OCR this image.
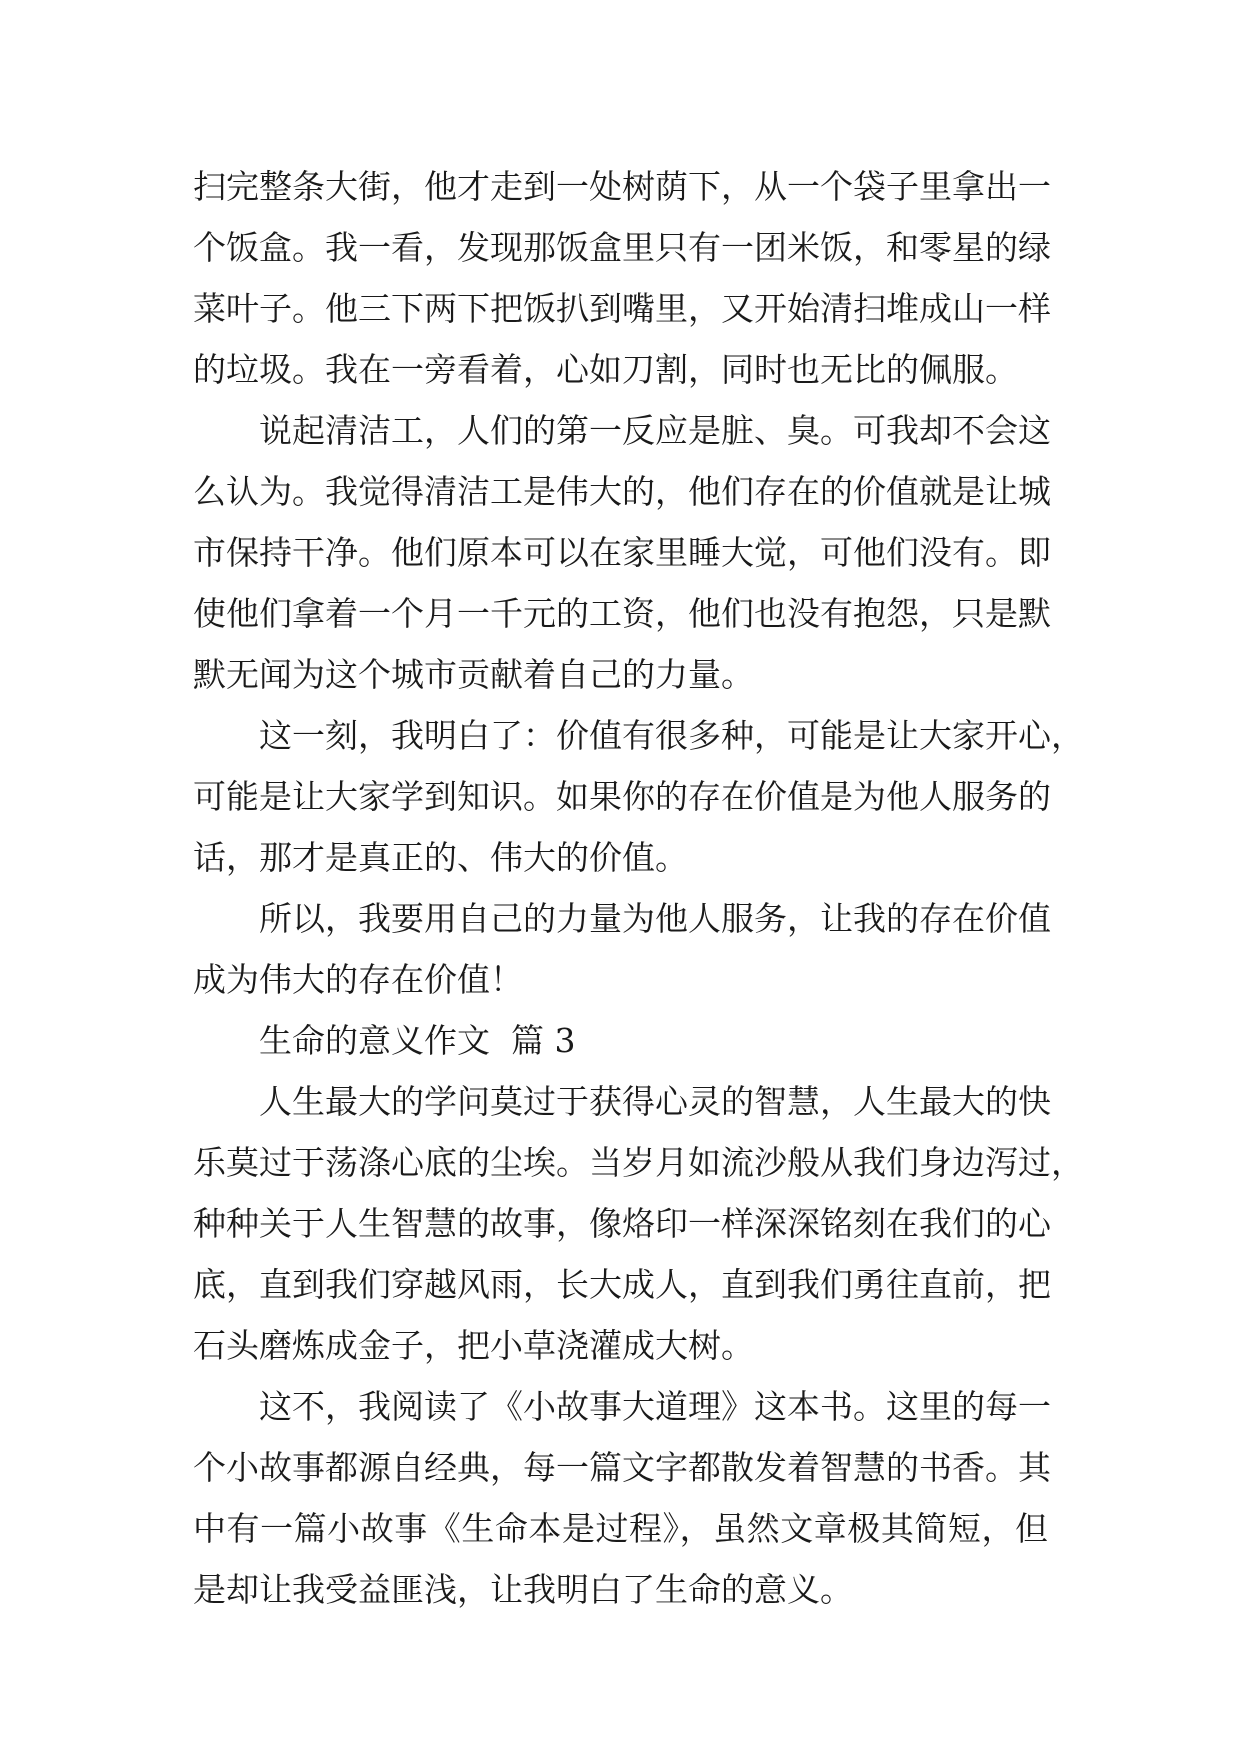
扫完整条大街，他才走到一处树荫下，从一个袋子里拿出一
个饭盒。我一看，发现那饭盒里只有一团米饭，和零星的绿
菜叶子。他三下两下把饭扒到嘴里，又开始清扫堆成山一样
的垃圾。我在一旁看着，心如刀割，同时也无比的佩服。
说起清洁工，人们的第一反应是脏、臭。可我却不会这
么认为。我觉得清洁工是伟大的，他们存在的价值就是让城
市保持干净。他们原本可以在家里睡大觉，可他们没有。即
使他们拿着一个月一千元的工资，他们也没有抱怨，只是默
默无闻为这个城市贡献着自己的力量。
这一刻，我明白了：价值有很多种，可能是让大家开心，
可能是让大家学到知识。如果你的存在价值是为他人服务的
话，那才是真正的、伟大的价值。
所以，我要用自己的力量为他人服务，让我的存在价值
成为伟大的存在价值！
生命的意义作文  篇 3
人生最大的学问莫过于获得心灵的智慧，人生最大的快
乐莫过于荡涤心底的尘埃。当岁月如流沙般从我们身边泻过，
种种关于人生智慧的故事，像烙印一样深深铭刻在我们的心
底，直到我们穿越风雨，长大成人，直到我们勇往直前，把
石头磨炼成金子，把小草浇灌成大树。
这不，我阅读了《小故事大道理》这本书。这里的每一
个小故事都源自经典，每一篇文字都散发着智慧的书香。其
中有一篇小故事《生命本是过程》，虽然文章极其简短，但
是却让我受益匪浅，让我明白了生命的意义。
